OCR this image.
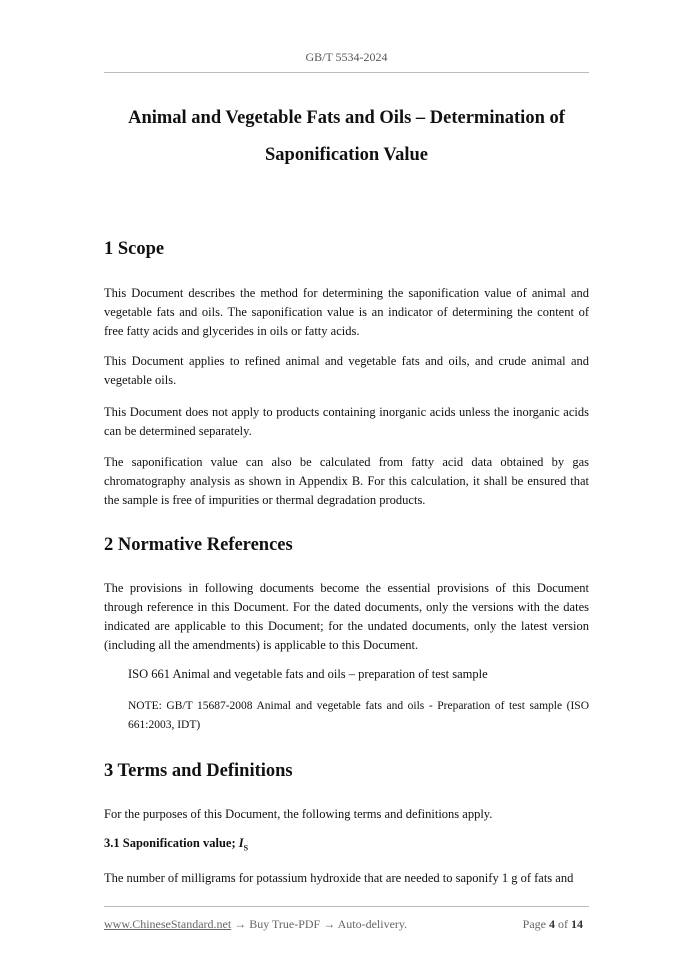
GB/T 5534-2024
Animal and Vegetable Fats and Oils – Determination of
Saponification Value
1 Scope

This Document describes the method for determining the saponification value of animal and vegetable fats and oils. The saponification value is an indicator of determining the content of free fatty acids and glycerides in oils or fatty acids.

This Document applies to refined animal and vegetable fats and oils, and crude animal and vegetable oils.

This Document does not apply to products containing inorganic acids unless the inorganic acids can be determined separately.

The saponification value can also be calculated from fatty acid data obtained by gas chromatography analysis as shown in Appendix B. For this calculation, it shall be ensured that the sample is free of impurities or thermal degradation products.

2 Normative References

The provisions in following documents become the essential provisions of this Document through reference in this Document. For the dated documents, only the versions with the dates indicated are applicable to this Document; for the undated documents, only the latest version (including all the amendments) is applicable to this Document.

ISO 661 Animal and vegetable fats and oils – preparation of test sample

NOTE: GB/T 15687-2008 Animal and vegetable fats and oils - Preparation of test sample (ISO 661:2003, IDT)

3 Terms and Definitions

For the purposes of this Document, the following terms and definitions apply.

3.1 Saponification value; $I_S$

The number of milligrams for potassium hydroxide that are needed to saponify 1 g of fats and

www.ChineseStandard.net → Buy True-PDF → Auto-delivery.	Page 4 of 14
